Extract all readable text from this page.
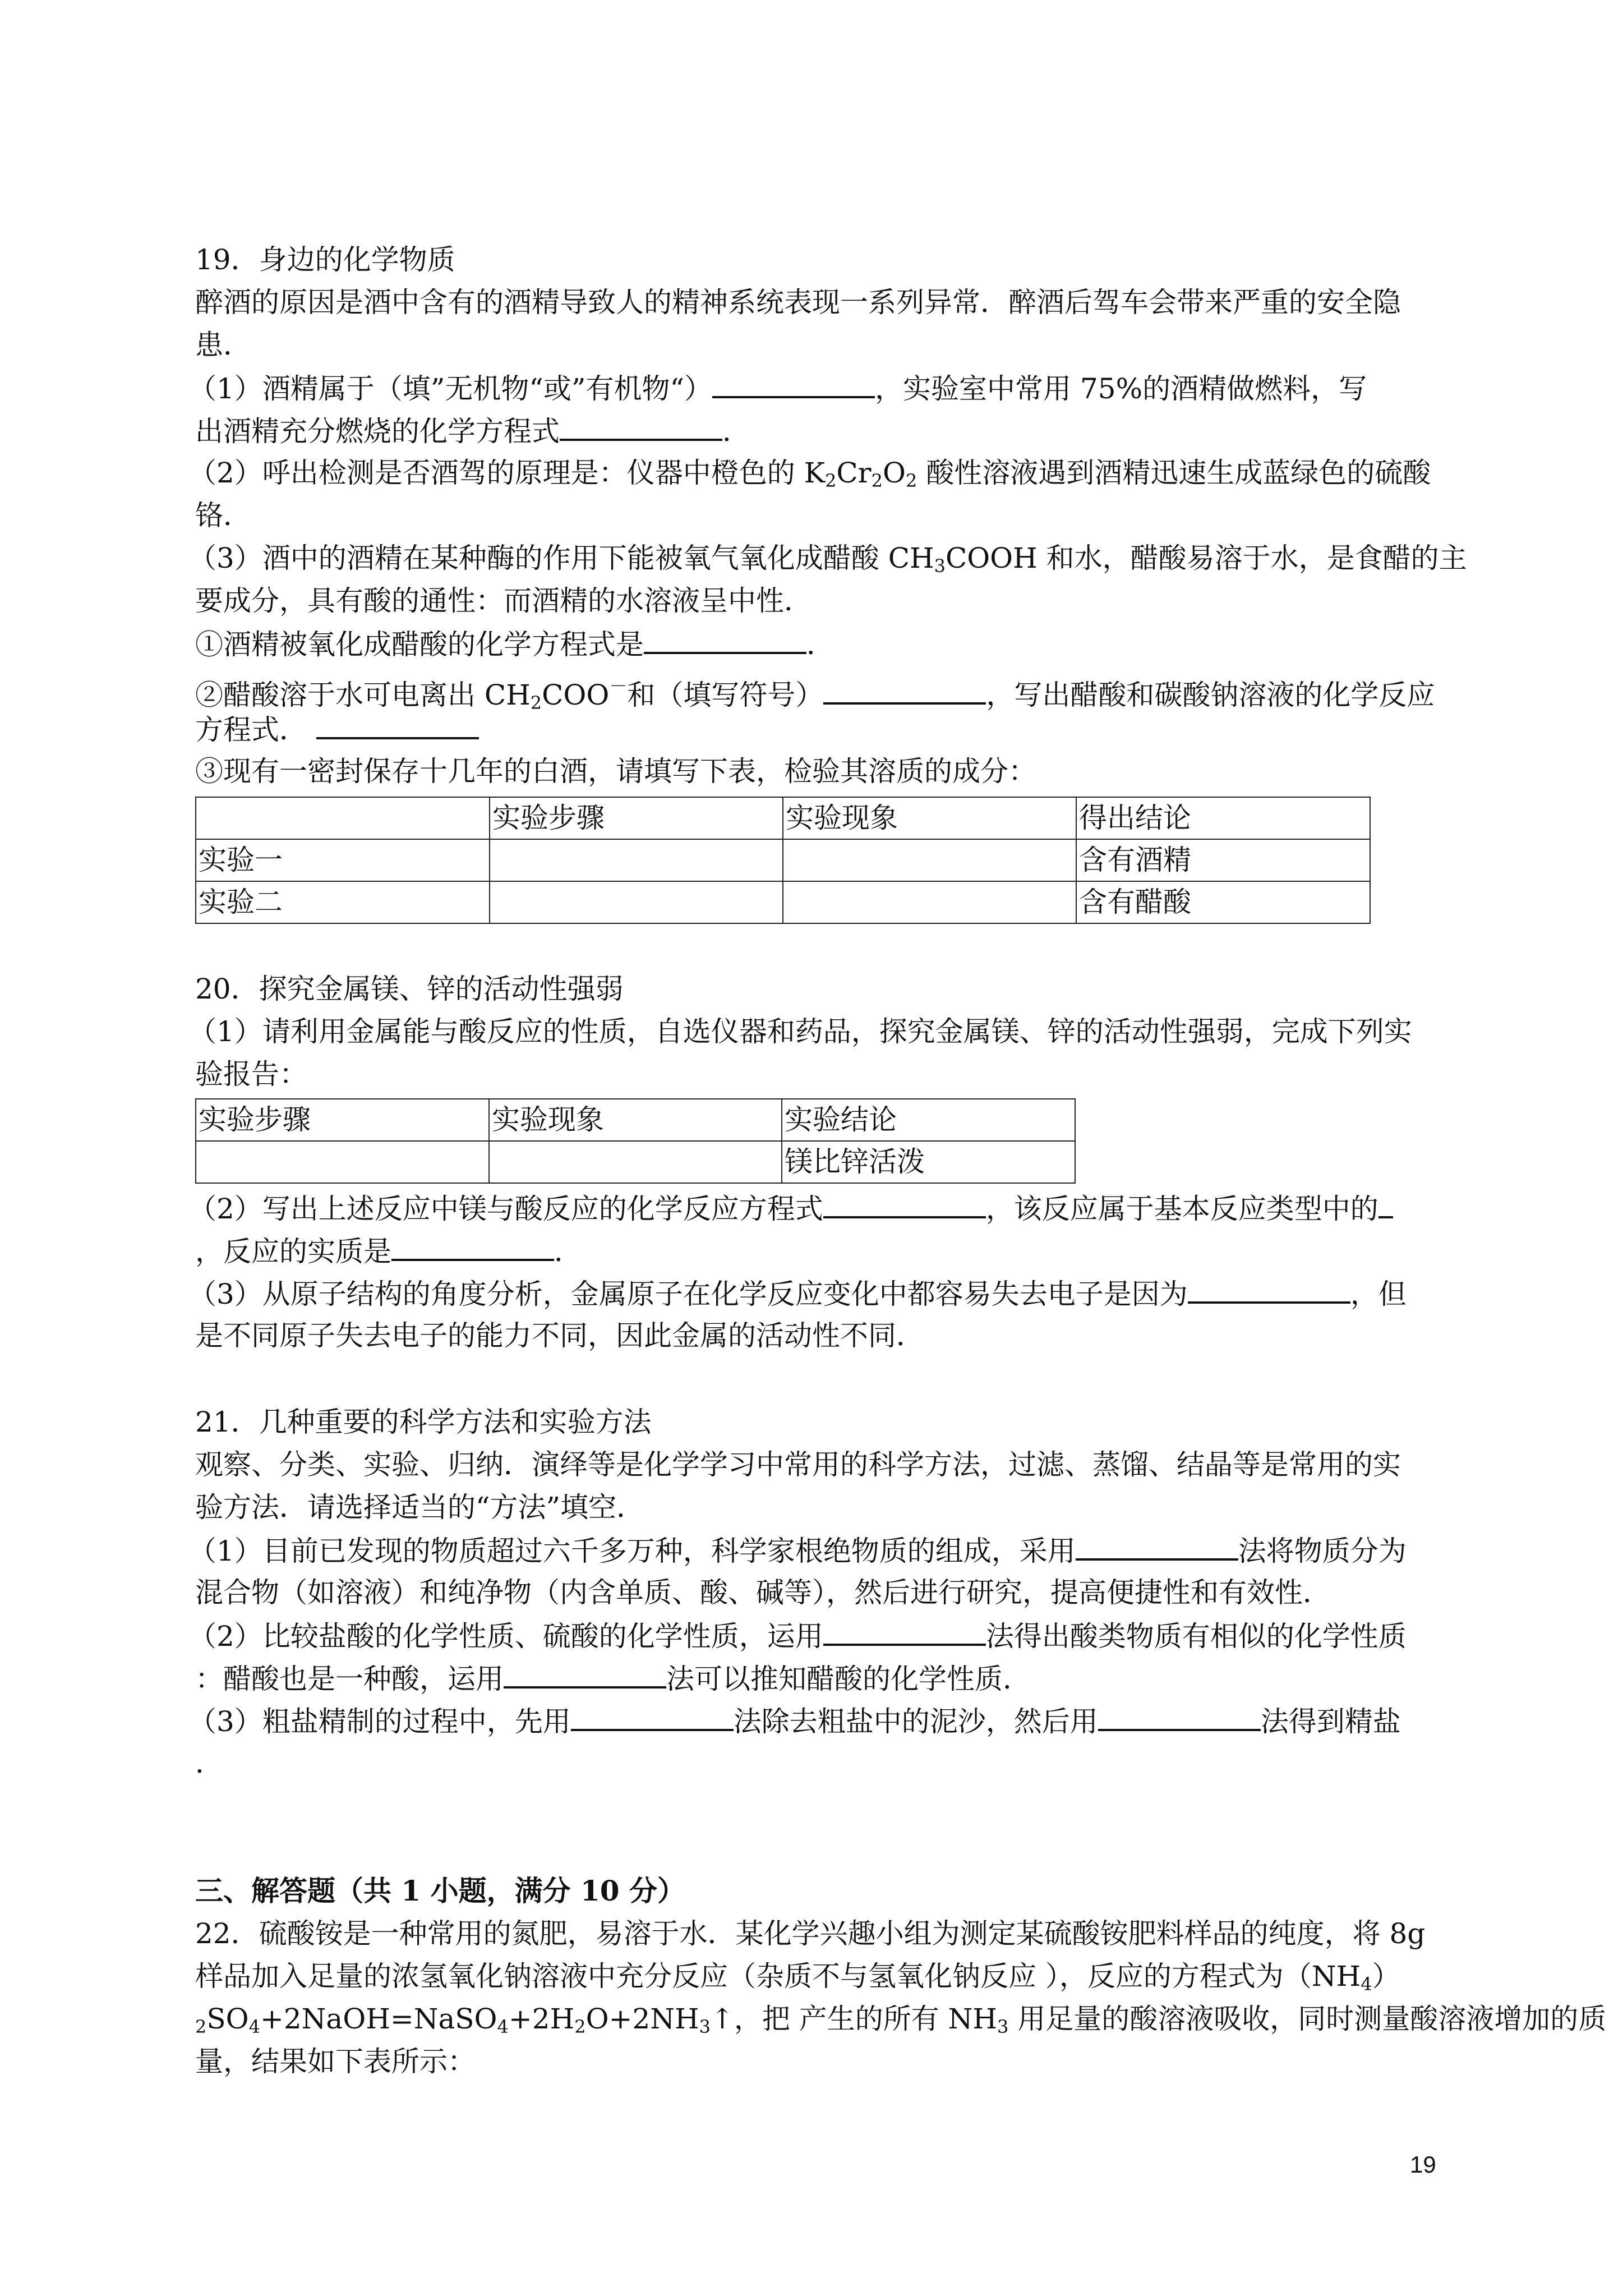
19．身边的化学物质
醉酒的原因是酒中含有的酒精导致人的精神系统表现一系列异常．醉酒后驾车会带来严重的安全隐
患．
（1）酒精属于（填”无机物“或”有机物“）	，实验室中常用 75%的酒精做燃料，写
出酒精充分燃烧的化学方程式	．
（2）呼出检测是否酒驾的原理是：仪器中橙色的 $K_2Cr_2O_2$ 酸性溶液遇到酒精迅速生成蓝绿色的硫酸
铬．
（3）酒中的酒精在某种酶的作用下能被氧气氧化成醋酸 $CH_3COOH$ 和水，醋酸易溶于水，是食醋的主
要成分，具有酸的通性：而酒精的水溶液呈中性．
①酒精被氧化成醋酸的化学方程式是	．
②醋酸溶于水可电离出 $CH_2COO^-$和（填写符号）	，写出醋酸和碳酸钠溶液的化学反应
方程式．
③现有一密封保存十几年的白酒，请填写下表，检验其溶质的成分：
	实验步骤	实验现象	得出结论
实验一			含有酒精
实验二			含有醋酸
20．探究金属镁、锌的活动性强弱
（1）请利用金属能与酸反应的性质，自选仪器和药品，探究金属镁、锌的活动性强弱，完成下列实
验报告：
实验步骤	实验现象	实验结论
		镁比锌活泼
（2）写出上述反应中镁与酸反应的化学反应方程式	，该反应属于基本反应类型中的
，反应的实质是	．
（3）从原子结构的角度分析，金属原子在化学反应变化中都容易失去电子是因为	，但
是不同原子失去电子的能力不同，因此金属的活动性不同．
21．几种重要的科学方法和实验方法
观察、分类、实验、归纳．演绎等是化学学习中常用的科学方法，过滤、蒸馏、结晶等是常用的实
验方法．请选择适当的“方法”填空．
（1）目前已发现的物质超过六千多万种，科学家根绝物质的组成，采用	法将物质分为
混合物（如溶液）和纯净物（内含单质、酸、碱等），然后进行研究，提高便捷性和有效性．
（2）比较盐酸的化学性质、硫酸的化学性质，运用	法得出酸类物质有相似的化学性质
：醋酸也是一种酸，运用	法可以推知醋酸的化学性质．
（3）粗盐精制的过程中，先用	法除去粗盐中的泥沙，然后用	法得到精盐
．
三、解答题（共 1 小题，满分 10 分）
22．硫酸铵是一种常用的氮肥，易溶于水．某化学兴趣小组为测定某硫酸铵肥料样品的纯度，将 8g
样品加入足量的浓氢氧化钠溶液中充分反应（杂质不与氢氧化钠反应 ），反应的方程式为$(NH_4)$
$_2SO_4+2NaOH=NaSO_4+2H_2O+2NH_3↑$，把 产生的所有 $NH_3$ 用足量的酸溶液吸收，同时测量酸溶液增加的质
量，结果如下表所示：
19
